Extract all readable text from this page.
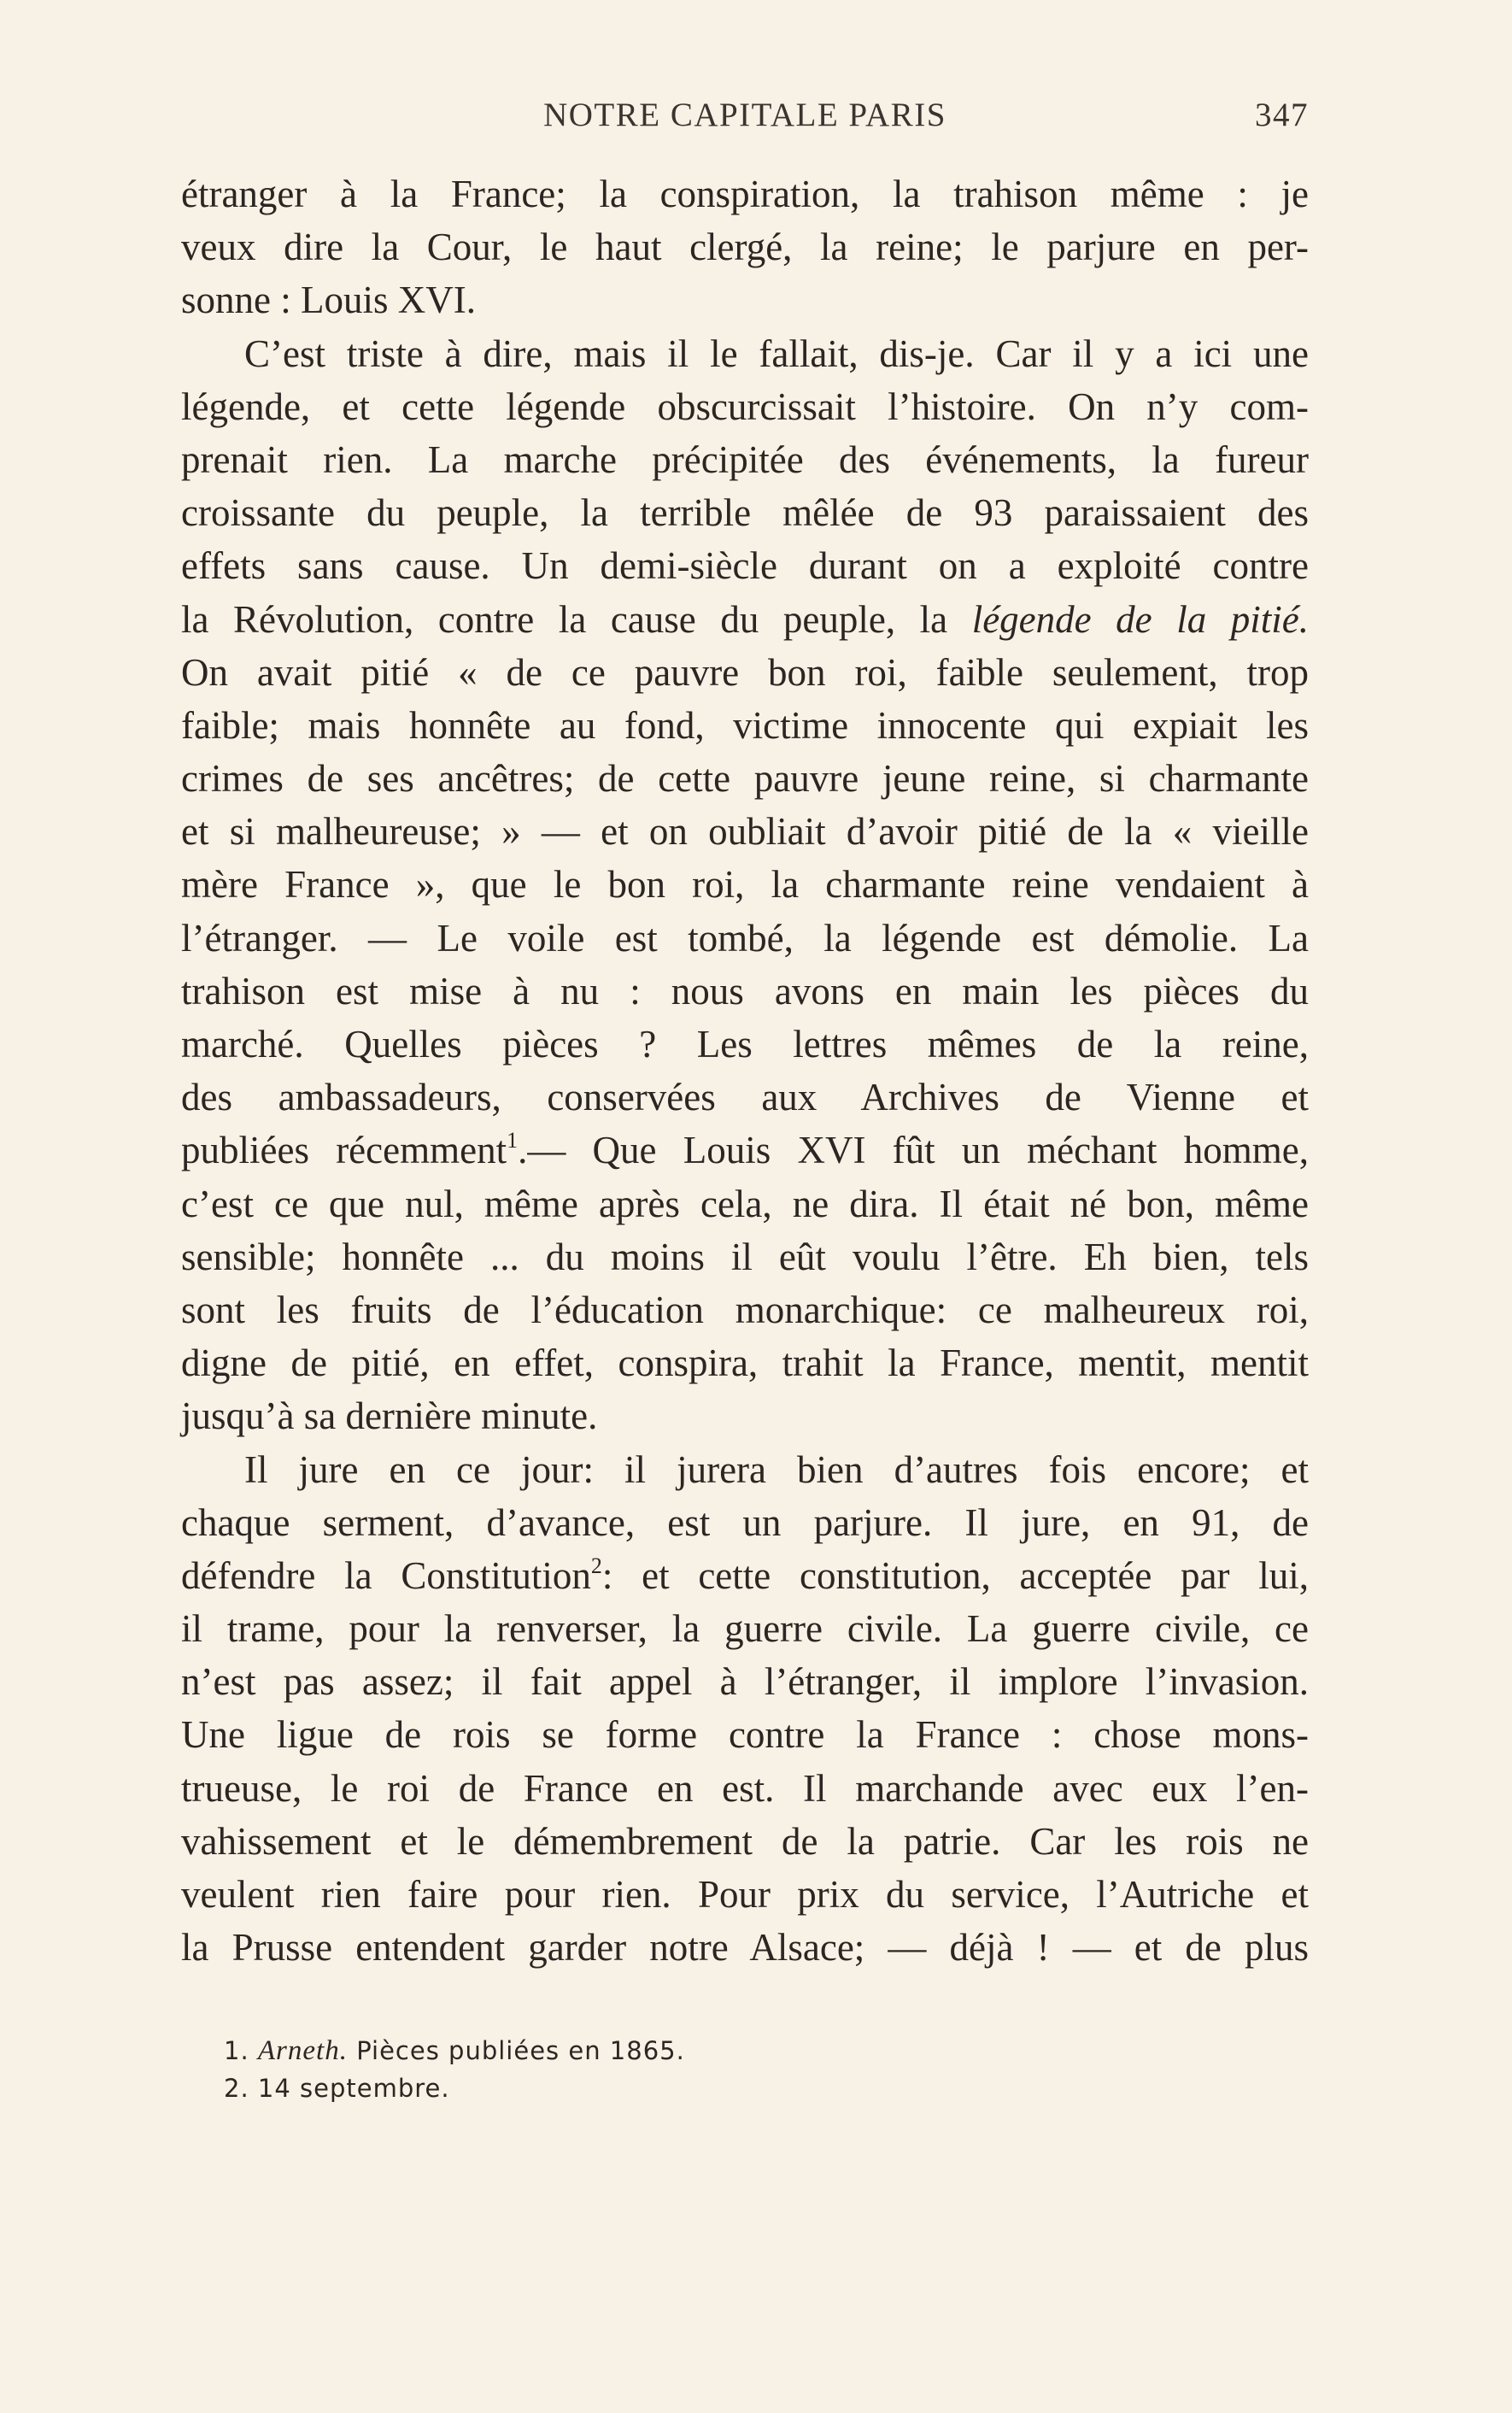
NOTRE CAPITALE PARIS	347
étranger à la France; la conspiration, la trahison même : je
veux dire la Cour, le haut clergé, la reine; le parjure en per-
sonne : Louis XVI.
C’est triste à dire, mais il le fallait, dis-je. Car il y a ici une
légende, et cette légende obscurcissait l’histoire. On n’y com-
prenait rien. La marche précipitée des événements, la fureur
croissante du peuple, la terrible mêlée de 93 paraissaient des
effets sans cause. Un demi-siècle durant on a exploité contre
la Révolution, contre la cause du peuple, la légende de la pitié.
On avait pitié « de ce pauvre bon roi, faible seulement, trop
faible; mais honnête au fond, victime innocente qui expiait les
crimes de ses ancêtres; de cette pauvre jeune reine, si charmante
et si malheureuse; » — et on oubliait d’avoir pitié de la « vieille
mère France », que le bon roi, la charmante reine vendaient à
l’étranger. — Le voile est tombé, la légende est démolie. La
trahison est mise à nu : nous avons en main les pièces du
marché. Quelles pièces ? Les lettres mêmes de la reine,
des ambassadeurs, conservées aux Archives de Vienne et
publiées récemment$^1$.— Que Louis XVI fût un méchant homme,
c’est ce que nul, même après cela, ne dira. Il était né bon, même
sensible; honnête ... du moins il eût voulu l’être. Eh bien, tels
sont les fruits de l’éducation monarchique: ce malheureux roi,
digne de pitié, en effet, conspira, trahit la France, mentit, mentit
jusqu’à sa dernière minute.
Il jure en ce jour: il jurera bien d’autres fois encore; et
chaque serment, d’avance, est un parjure. Il jure, en 91, de
défendre la Constitution$^2$: et cette constitution, acceptée par lui,
il trame, pour la renverser, la guerre civile. La guerre civile, ce
n’est pas assez; il fait appel à l’étranger, il implore l’invasion.
Une ligue de rois se forme contre la France : chose mons-
trueuse, le roi de France en est. Il marchande avec eux l’en-
vahissement et le démembrement de la patrie. Car les rois ne
veulent rien faire pour rien. Pour prix du service, l’Autriche et
la Prusse entendent garder notre Alsace; — déjà ! — et de plus
1. Arneth. Pièces publiées en 1865.
2. 14 septembre.
